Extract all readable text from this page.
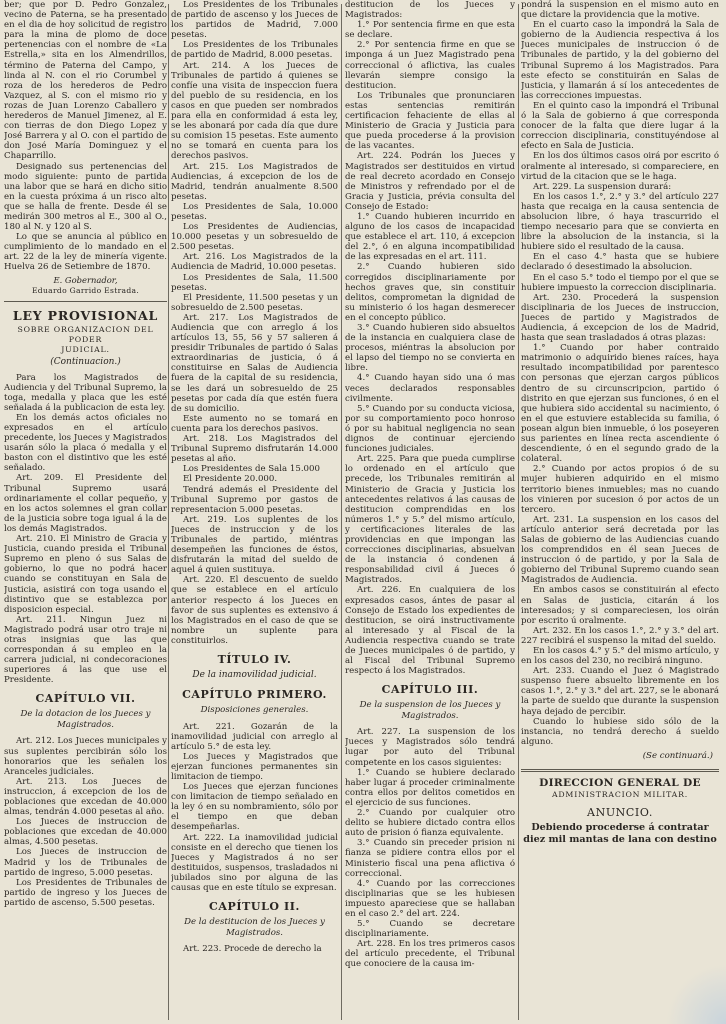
ber; que por D. Pedro Gonzalez, vecino de Paterna, se ha presentado en el dia de hoy solicitud de registro para la mina de plomo de doce pertenencias con el nombre de «La Estrella,» sita en los Almendrillos, término de Paterna del Campo, y linda al N. con el rio Corumbel y roza de los herederos de Pedro Vazquez, al S. con el mismo rio y rozas de Juan Lorenzo Caballero y herederos de Manuel Jimenez, al E. con tierras de don Diego Lopez y José Barrera y al O. con el partido de don José María Dominguez y el Chaparrillo.

Designado sus pertenencias del modo siguiente: punto de partida una labor que se hará en dicho sitio en la cuesta próxima á un risco alto que se halla de frente. Desde él se medirán 300 metros al E., 300 al O., 180 al N. y 120 al S.

Lo que se anuncia al público en cumplimiento de lo mandado en el art. 22 de la ley de minería vigente. Huelva 26 de Setiembre de 1870.

E. Gobernador,

Eduardo Garrido Estrada.

LEY PROVISIONAL
SOBRE ORGANIZACION DEL PODER
JUDICIAL.
(Continuacion.)

Para los Magistrados de Audiencia y del Tribunal Supremo, la toga, medalla y placa que les esté señalada á la publicacion de esta ley.

En los demás actos oficiales no expresados en el artículo precedente, los Jueces y Magistrados usarán sólo la placa ó medalla y el baston con el distintivo que les esté señalado.

Art. 209. El Presidente del Tribunal Supremo usará ordinariamente el collar pequeño, y en los actos solemnes el gran collar de la justicia sobre toga igual á la de los demás Magistrados.

Art. 210. El Ministro de Gracia y Justicia, cuando presida el Tribunal Supremo en pleno ó sus Salas de gobierno, lo que no podrá hacer cuando se constituyan en Sala de Justicia, asistirá con toga usando el distintivo que se establezca por disposicion especial.

Art. 211. Ningun Juez ni Magistrado podrá usar otro traje ni otras insignias que las que correspondan á su empleo en la carrera judicial, ni condecoraciones superiores á las que use el Presidente.

CAPÍTULO VII.
De la dotacion de los Jueces y Magistrados.

Art. 212. Los Jueces municipales y sus suplentes percibirán sólo los honorarios que les señalen los Aranceles judiciales.

Art. 213. Los Jueces de instruccion, á excepcion de los de poblaciones que excedan de 40.000 almas, tendrán 4.000 pesetas al año.

Los Jueces de instruccion de poblaciones que excedan de 40.000 almas, 4.500 pesetas.

Los Jueces de instruccion de Madrid y los de Tribunales de partido de ingreso, 5.000 pesetas.

Los Presidentes de Tribunales de partido de ingreso y los Jueces de partido de ascenso, 5.500 pesetas.

Los Presidentes de los Tribunales de partido de ascenso y los Jueces de los partidos de Madrid, 7.000 pesetas.

Los Presidentes de los Tribunales de partido de Madrid, 8.000 pesetas.

Art. 214. A los Jueces de Tribunales de partido á quienes se confíe una visita de inspeccion fuera del pueblo de su residencia, en los casos en que pueden ser nombrados para ella en conformidad á esta ley, se les abonará por cada día que dure su comision 15 pesetas. Este aumento no se tomará en cuenta para los derechos pasivos.

Art. 215. Los Magistrados de Audiencias, á excepcion de los de Madrid, tendrán anualmente 8.500 pesetas.

Los Presidentes de Sala, 10.000 pesetas.

Los Presidentes de Audiencias, 10.000 pesetas y un sobresueldo de 2.500 pesetas.

Art. 216. Los Magistrados de la Audiencia de Madrid, 10.000 pesetas.

Los Presidentes de Sala, 11.500 pesetas.

El Presidente, 11.500 pesetas y un sobresueldo de 2.500 pesetas.

Art. 217. Los Magistrados de Audiencia que con arreglo á los artículos 13, 55, 56 y 57 salieren á presidir Tribunales de partido ó Salas extraordinarias de justicia, ó á constituirse en Salas de Audiencia fuera de la capital de su residencia, se les dará un sobresueldo de 25 pesetas por cada día que estén fuera de su domicilio.

Este aumento no se tomará en cuenta para los derechos pasivos.

Art. 218. Los Magistrados del Tribunal Supremo disfrutarán 14.000 pesetas al año.

Los Presidentes de Sala 15.000

El Presidente 20.000.

Tendrá además el Presidente del Tribunal Supremo por gastos de representacion 5.000 pesetas.

Art. 219. Los suplentes de los Jueces de instruccion y de los Tribunales de partido, miéntras desempeñen las funciones de éstos, disfrutarán la mitad del sueldo de aquel á quien sustituya.

Art. 220. El descuento de sueldo que se establece en el artículo anterior respecto á los Jueces en favor de sus suplentes es extensivo á los Magistrados en el caso de que se nombre un suplente para constituirlos.

TÍTULO IV.
De la inamovilidad judicial.
CAPÍTULO PRIMERO.
Disposiciones generales.

Art. 221. Gozarán de la inamovilidad judicial con arreglo al artículo 5.° de esta ley.

Los Jueces y Magistrados que ejerzan funciones permanentes sin limitacion de tiempo.

Los Jueces que ejerzan funciones con limitacion de tiempo señalado en la ley ó en su nombramiento, sólo por el tiempo en que deban desempeñarlas.

Art. 222. La inamovilidad judicial consiste en el derecho que tienen los Jueces y Magistrados á no ser destituidos, suspensos, trasladados ni jubilados sino por alguna de las causas que en este título se expresan.

CAPÍTULO II.
De la destitucion de los Jueces y Magistrados.

Art. 223. Procede de derecho la

destitucion de los Jueces y Magistrados:

1.° Por sentencia firme en que esta se declare.

2.° Por sentencia firme en que se imponga á un Juez Magistrado pena correccional ó aflictiva, las cuales llevarán siempre consigo la destitucion.

Los Tribunales que pronunciaren estas sentencias remitirán certificacion fehaciente de ellas al Ministerio de Gracia y Justicia para que pueda procederse á la provision de las vacantes.

Art. 224. Podrán los Jueces y Magistrados ser destituidos en virtud de real decreto acordado en Consejo de Ministros y refrendado por el de Gracia y Justicia, prévia consulta del Consejo de Estado:

1.° Cuando hubieren incurrido en alguno de los casos de incapacidad que establece el art. 110, á excepcion del 2.°, ó en alguna incompatibilidad de las expresadas en el art. 111.

2.° Cuando hubieren sido corregidos disciplinariamente por hechos graves que, sin constituir delitos, comprometan la dignidad de su ministerio ó los hagan desmerecer en el concepto público.

3.° Cuando hubieren sido absueltos de la instancia en cualquiera clase de procesos, miéntras la absolucion por el lapso del tiempo no se convierta en libre.

4.° Cuando hayan sido una ó mas veces declarados responsables civilmente.

5.° Cuando por su conducta viciosa, por su comportamiento poco honroso ó por su habitual negligencia no sean dignos de continuar ejerciendo funciones judiciales.

Art. 225. Para que pueda cumplirse lo ordenado en el artículo que precede, los Tribunales remitirán al Ministerio de Gracia y Justicia los antecedentes relativos á las causas de destitucion comprendidas en los números 1.° y 5.° del mismo artículo, y certificaciones literales de las providencias en que impongan las correcciones disciplinarias, absuelvan de la instancia ó condenen á responsabilidad civil á Jueces ó Magistrados.

Art. 226. En cualquiera de los expresados casos, ántes de pasar al Consejo de Estado los expedientes de destitucion, se oirá instructivamente al interesado y al Fiscal de la Audiencia respectiva cuando se trate de Jueces municipales ó de partido, y al Fiscal del Tribunal Supremo respecto á los Magistrados.

CAPÍTULO III.
De la suspension de los Jueces y Magistrados.

Art. 227. La suspension de los Jueces y Magistrados sólo tendrá lugar por auto del Tribunal competente en los casos siguientes:

1.° Cuando se hubiere declarado haber lugar á proceder criminalmente contra ellos por delitos cometidos en el ejercicio de sus funciones.

2.° Cuando por cualquier otro delito se hubiere dictado contra ellos auto de prision ó fianza equivalente.

3.° Cuando sin preceder prision ni fianza se pidiere contra ellos por el Ministerio fiscal una pena aflictiva ó correccional.

4.° Cuando por las correcciones disciplinarias que se les hubiesen impuesto apareciese que se hallaban en el caso 2.° del art. 224.

5.° Cuando se decretare disciplinariamente.

Art. 228. En los tres primeros casos del artículo precedente, el Tribunal que conociere de la causa im-

pondrá la suspension en el mismo auto en que dictare la providencia que la motive.

En el cuarto caso la impondrá la Sala de gobierno de la Audiencia respectiva á los Jueces municipales de instruccion ó de Tribunales de partido, y la del gobierno del Tribunal Supremo á los Magistrados. Para este efecto se constituirán en Salas de Justicia, y llamarán á sí los antecedentes de las correcciones impuestas.

En el quinto caso la impondrá el Tribunal ó la Sala de gobierno á que corresponda conocer de la falta que diere lugar á la correccion disciplinaria, constituyéndose al efecto en Sala de Justicia.

En los dos últimos casos oirá por escrito ó oralmente al interesado, si compareciere, en virtud de la citacion que se le haga.

Art. 229. La suspension durará:

En los casos 1.°, 2.° y 3.° del artículo 227 hasta que recaiga en la causa sentencia de absolucion libre, ó haya trascurrido el tiempo necesario para que se convierta en libre la absolucion de la instancia, si la hubiere sido el resultado de la causa.

En el caso 4.° hasta que se hubiere declarado ó desestimado la absolucion.

En el caso 5.° todo el tiempo por el que se hubiere impuesto la correccion disciplinaria.

Art. 230. Procederá la suspension disciplinaria de los Jueces de instruccion, Jueces de partido y Magistrados de Audiencia, á excepcion de los de Madrid, hasta que sean trasladados á otras plazas:

1.° Cuando por haber contraido matrimonio o adquirido bienes raíces, haya resultado incompatibilidad por parentesco con personas que ejerzan cargos públicos dentro de su circunscripcion, partido ó distrito en que ejerzan sus funciones, ó en el que hubiera sido accidental su nacimiento, ó en el que estuviere establecida su familia, ó posean algun bien inmueble, ó los poseyeren sus parientes en línea recta ascendiente ó descendiente, ó en el segundo grado de la colateral.

2.° Cuando por actos propios ó de su mujer hubieren adquirido en el mismo territorio bienes inmuebles; mas no cuando los vinieren por sucesion ó por actos de un tercero.

Art. 231. La suspension en los casos del artículo anterior será decretada por las Salas de gobierno de las Audiencias cuando los comprendidos en él sean Jueces de instruccion ó de partido, y por la Sala de gobierno del Tribunal Supremo cuando sean Magistrados de Audiencia.

En ambos casos se constituirán al efecto en Salas de justicia, citarán á los interesados; y si compareciesen, los oirán por escrito ú oralmente.

Art. 232. En los casos 1.°, 2.° y 3.° del art. 227 recibirá el suspenso la mitad del sueldo.

En los casos 4.° y 5.° del mismo artículo, y en los casos del 230, no recibirá ninguno.

Art. 233. Cuando el Juez ó Magistrado suspenso fuere absuelto libremente en los casos 1.°, 2.° y 3.° del art. 227, se le abonará la parte de sueldo que durante la suspension haya dejado de percibir.

Cuando lo hubiese sido sólo de la instancia, no tendrá derecho á sueldo alguno.

(Se continuará.)

DIRECCION GENERAL DE
ADMINISTRACION MILITAR.
ANUNCIO.

Debiendo procederse á contratar diez mil mantas de lana con destino
